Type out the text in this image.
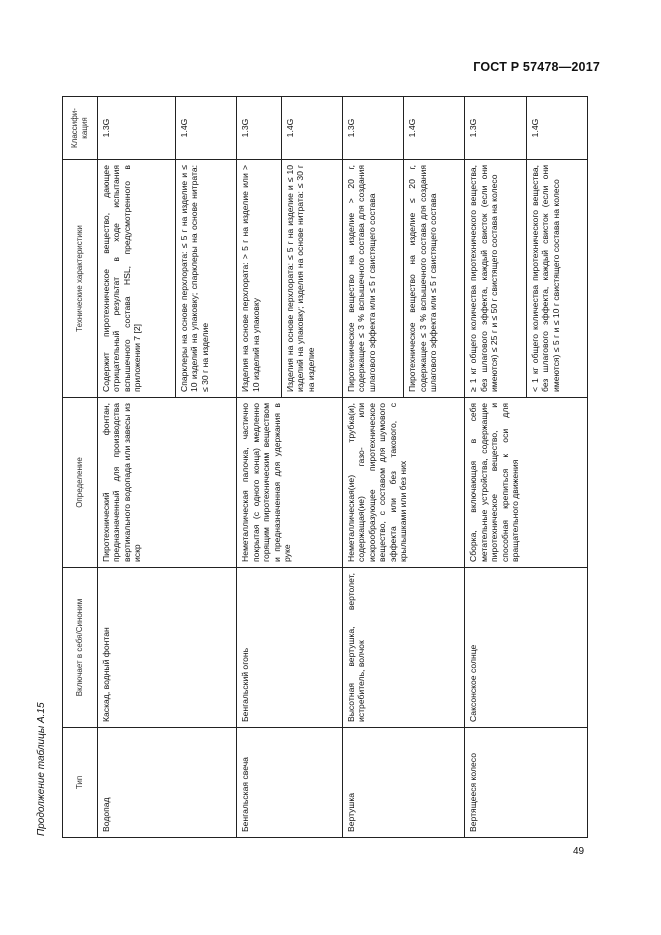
ГОСТ Р 57478—2017
Продолжение таблицы А.15	Тип	Включает в себя/Синоним	Определение	Технические характеристики	Классифи-кация
Водопад	Каскад, водный фонтан	Пиротехнический фонтан, предназначенный для производства вертикального водопада или завесы из искр	Содержит пиротехническое вещество, дающее отрицательный результат в ходе испытания вспышечного состава HSL, предусмотренного в приложении 7 [2]	1.3G
			Спарклеры на основе перхлората: ≤ 5 г на изделие и ≤ 10 изделий на упаковку; спарклеры на основе нитрата: ≤ 30 г на изделие	1.4G
Бенгальская свеча	Бенгальский огонь	Неметаллическая палочка, частично покрытая (с одного конца) медленно горящим пиротехническим веществом и предназначенная для удержания в руке	Изделия на основе перхлората: > 5 г на изделие или > 10 изделий на упаковку	1.3G
			Изделия на основе перхлората: ≤ 5 г на изделие и ≤ 10 изделий на упаковку; изделия на основе нитрата: ≤ 30 г на изделие	1.4G
Вертушка	Высотная вертушка, вертолет, истребитель, волчок	Неметаллическая(ие) трубка(и), содержащая(ие) газо- или искрообразующее пиротехническое вещество, с составом для шумового эффекта или без такового, с крылышками или без них	Пиротехническое вещество на изделие > 20 г, содержащее ≤ 3 % вспышечного состава для создания шлагового эффекта или ≤ 5 г свистящего состава	1.3G
			Пиротехническое вещество на изделие ≤ 20 г, содержащее ≤ 3 % вспышечного состава для создания шлагового эффекта или ≤ 5 г свистящего состава	1.4G
Вертящееся колесо	Саксонское солнце	Сборка, включающая в себя метательные устройства, содержащие пиротехническое вещество, и способная крепиться к оси для вращательного движения	≥ 1 кг общего количества пиротехнического вещества, без шлагового эффекта, каждый свисток (если они имеются) ≤ 25 г и ≤ 50 г свистящего состава на колесо	1.3G
			< 1 кг общего количества пиротехнического вещества, без шлагового эффекта, каждый свисток (если они имеются) ≤ 5 г и ≤ 10 г свистящего состава на колесо	1.4G
49
